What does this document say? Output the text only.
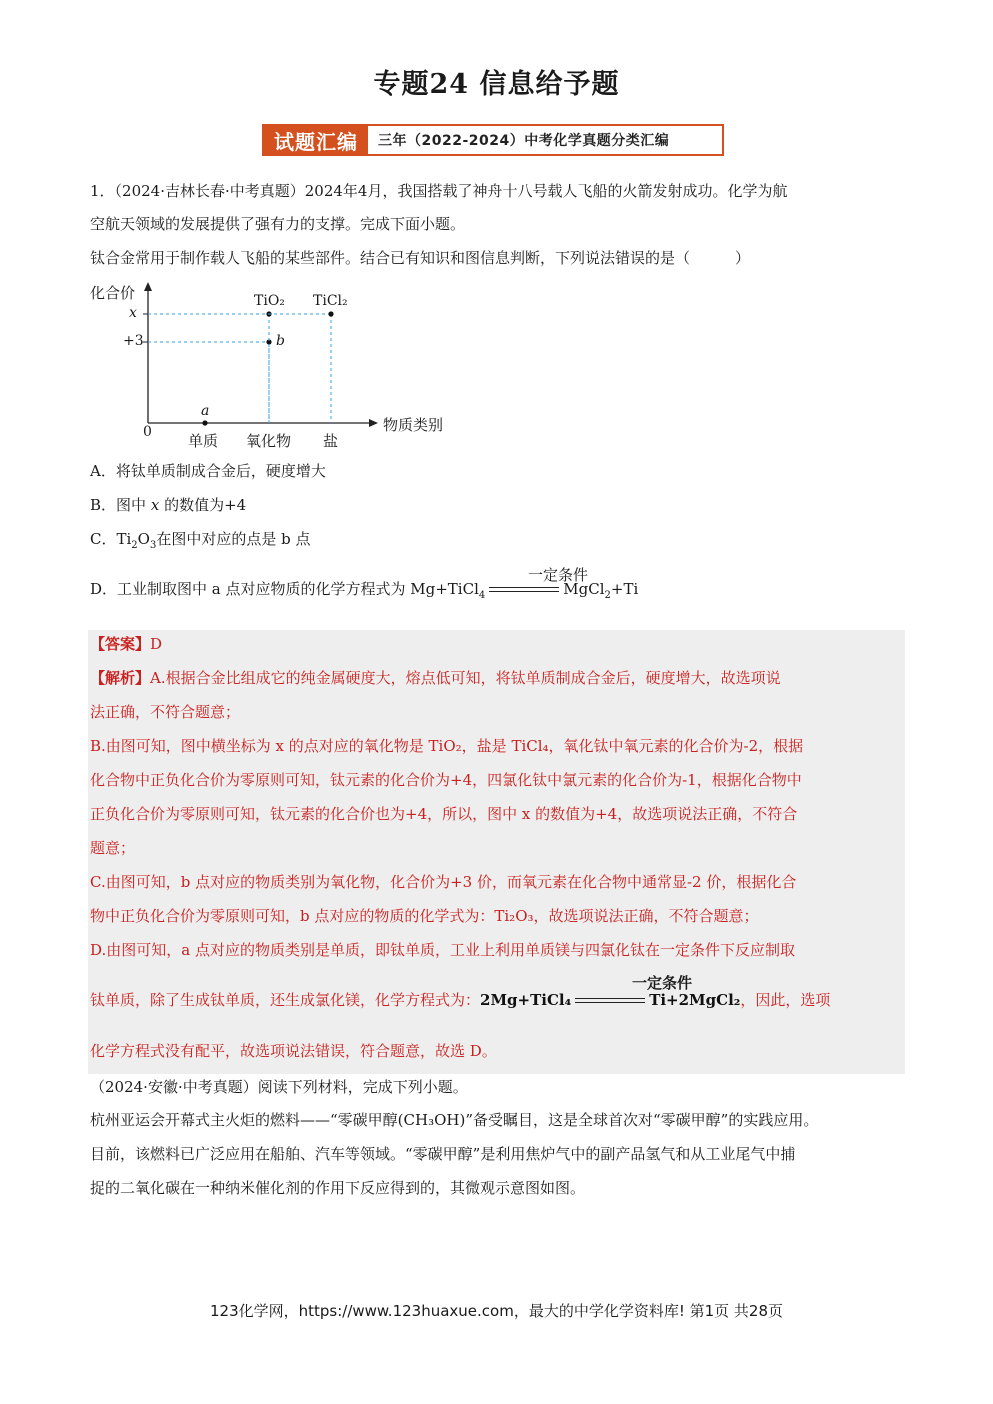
专题24 信息给予题
试题汇编	三年（2022-2024）中考化学真题分类汇编
1．（2024·吉林长春·中考真题）2024年4月，我国搭载了神舟十八号载人飞船的火箭发射成功。化学为航
空航天领域的发展提供了强有力的支撑。完成下面小题。
钛合金常用于制作载人飞船的某些部件。结合已有知识和图信息判断，下列说法错误的是（　　　）
化合价
物质类别
0
x
+3
单质 氧化物 盐
a
b
TiO₂ TiCl₂
A．将钛单质制成合金后，硬度增大
B．图中 x 的数值为+4
C．$Ti_2O_3$在图中对应的点是 b 点
D．工业制取图中 a 点对应物质的化学方程式为 Mg+TiCl$_4$	MgCl$_2$+Ti
一定条件
【答案】D
【解析】A.根据合金比组成它的纯金属硬度大，熔点低可知，将钛单质制成合金后，硬度增大，故选项说
法正确，不符合题意；
B.由图可知，图中横坐标为 x 的点对应的氧化物是 TiO₂，盐是 TiCl₄，氧化钛中氧元素的化合价为-2，根据
化合物中正负化合价为零原则可知，钛元素的化合价为+4，四氯化钛中氯元素的化合价为-1，根据化合物中
正负化合价为零原则可知，钛元素的化合价也为+4，所以，图中 x 的数值为+4，故选项说法正确，不符合
题意；
C.由图可知，b 点对应的物质类别为氧化物，化合价为+3 价，而氧元素在化合物中通常显-2 价，根据化合
物中正负化合价为零原则可知，b 点对应的物质的化学式为：Ti₂O₃，故选项说法正确，不符合题意；
D.由图可知，a 点对应的物质类别是单质，即钛单质，工业上利用单质镁与四氯化钛在一定条件下反应制取
钛单质，除了生成钛单质，还生成氯化镁，化学方程式为：2Mg+TiCl₄	Ti+2MgCl₂，因此，选项
一定条件
化学方程式没有配平，故选项说法错误，符合题意，故选 D。
（2024·安徽·中考真题）阅读下列材料，完成下列小题。
杭州亚运会开幕式主火炬的燃料——“零碳甲醇(CH₃OH)”备受瞩目，这是全球首次对“零碳甲醇”的实践应用。
目前，该燃料已广泛应用在船舶、汽车等领域。“零碳甲醇”是利用焦炉气中的副产品氢气和从工业尾气中捕
捉的二氧化碳在一种纳米催化剂的作用下反应得到的，其微观示意图如图。
123化学网，https://www.123huaxue.com，最大的中学化学资料库! 第1页 共28页
